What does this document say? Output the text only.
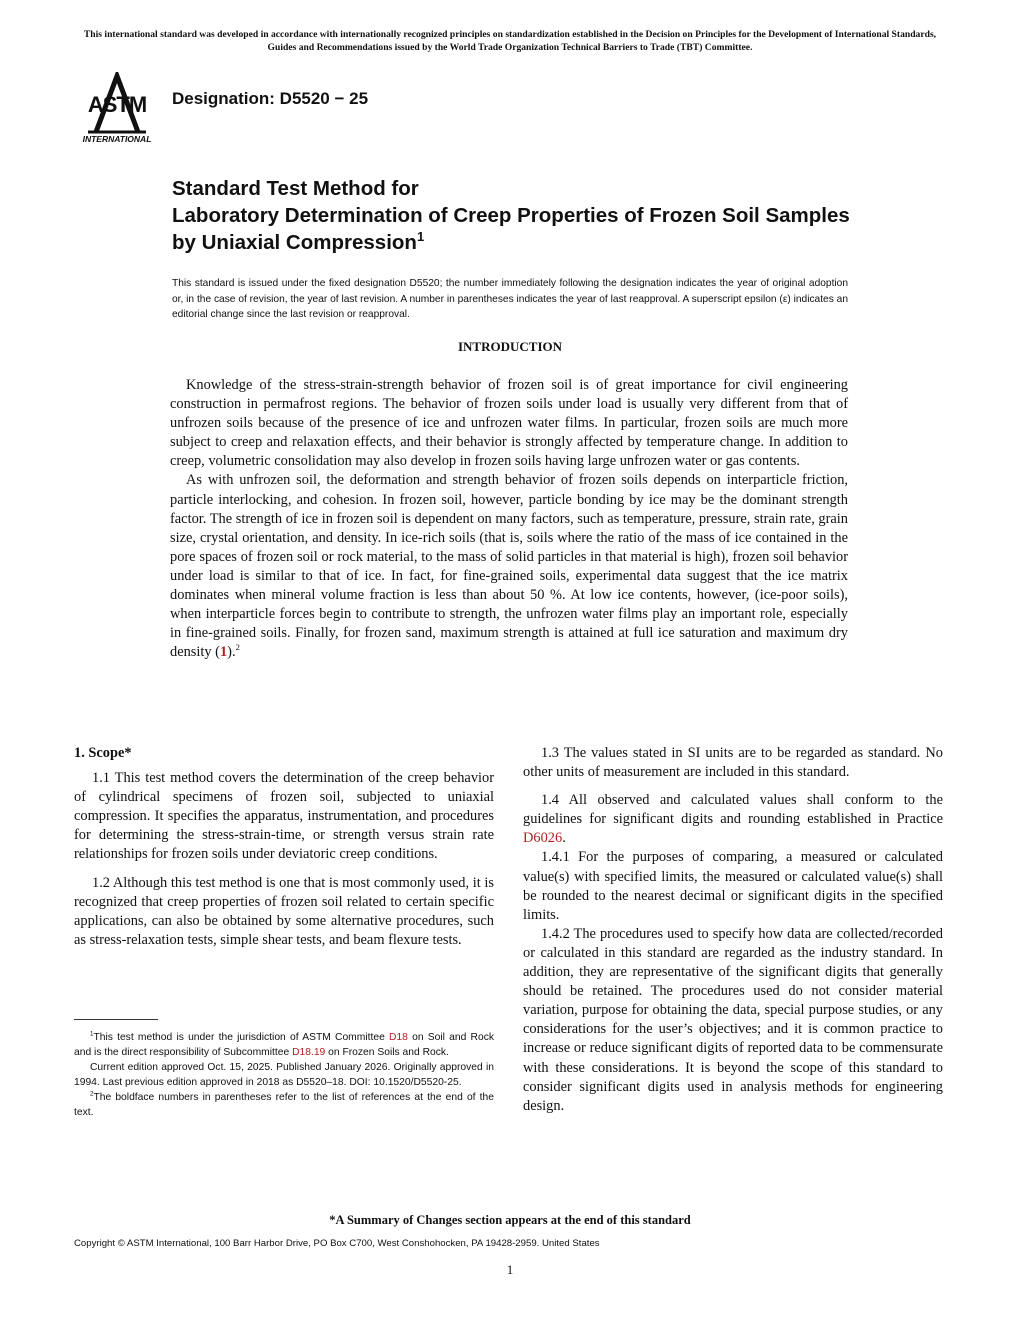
This international standard was developed in accordance with internationally recognized principles on standardization established in the Decision on Principles for the Development of International Standards, Guides and Recommendations issued by the World Trade Organization Technical Barriers to Trade (TBT) Committee.
ASTM
INTERNATIONAL
Designation: D5520 − 25
Standard Test Method for
Laboratory Determination of Creep Properties of Frozen Soil Samples by Uniaxial Compression$^1$
This standard is issued under the fixed designation D5520; the number immediately following the designation indicates the year of original adoption or, in the case of revision, the year of last revision. A number in parentheses indicates the year of last reapproval. A superscript epsilon (ε) indicates an editorial change since the last revision or reapproval.
INTRODUCTION

Knowledge of the stress-strain-strength behavior of frozen soil is of great importance for civil engineering construction in permafrost regions. The behavior of frozen soils under load is usually very different from that of unfrozen soils because of the presence of ice and unfrozen water films. In particular, frozen soils are much more subject to creep and relaxation effects, and their behavior is strongly affected by temperature change. In addition to creep, volumetric consolidation may also develop in frozen soils having large unfrozen water or gas contents.

As with unfrozen soil, the deformation and strength behavior of frozen soils depends on interparticle friction, particle interlocking, and cohesion. In frozen soil, however, particle bonding by ice may be the dominant strength factor. The strength of ice in frozen soil is dependent on many factors, such as temperature, pressure, strain rate, grain size, crystal orientation, and density. In ice-rich soils (that is, soils where the ratio of the mass of ice contained in the pore spaces of frozen soil or rock material, to the mass of solid particles in that material is high), frozen soil behavior under load is similar to that of ice. In fact, for fine-grained soils, experimental data suggest that the ice matrix dominates when mineral volume fraction is less than about 50 %. At low ice contents, however, (ice-poor soils), when interparticle forces begin to contribute to strength, the unfrozen water films play an important role, especially in fine-grained soils. Finally, for frozen sand, maximum strength is attained at full ice saturation and maximum dry density (1).$^2$

1. Scope*

1.1 This test method covers the determination of the creep behavior of cylindrical specimens of frozen soil, subjected to uniaxial compression. It specifies the apparatus, instrumentation, and procedures for determining the stress-strain-time, or strength versus strain rate relationships for frozen soils under deviatoric creep conditions.

1.2 Although this test method is one that is most commonly used, it is recognized that creep properties of frozen soil related to certain specific applications, can also be obtained by some alternative procedures, such as stress-relaxation tests, simple shear tests, and beam flexure tests.

1.3 The values stated in SI units are to be regarded as standard. No other units of measurement are included in this standard.

1.4 All observed and calculated values shall conform to the guidelines for significant digits and rounding established in Practice D6026.

1.4.1 For the purposes of comparing, a measured or calculated value(s) with specified limits, the measured or calculated value(s) shall be rounded to the nearest decimal or significant digits in the specified limits.

1.4.2 The procedures used to specify how data are collected/recorded or calculated in this standard are regarded as the industry standard. In addition, they are representative of the significant digits that generally should be retained. The procedures used do not consider material variation, purpose for obtaining the data, special purpose studies, or any considerations for the user’s objectives; and it is common practice to increase or reduce significant digits of reported data to be commensurate with these considerations. It is beyond the scope of this standard to consider significant digits used in analysis methods for engineering design.

$^1$This test method is under the jurisdiction of ASTM Committee D18 on Soil and Rock and is the direct responsibility of Subcommittee D18.19 on Frozen Soils and Rock.

Current edition approved Oct. 15, 2025. Published January 2026. Originally approved in 1994. Last previous edition approved in 2018 as D5520–18. DOI: 10.1520/D5520-25.

$^2$The boldface numbers in parentheses refer to the list of references at the end of the text.

*A Summary of Changes section appears at the end of this standard
Copyright © ASTM International, 100 Barr Harbor Drive, PO Box C700, West Conshohocken, PA 19428-2959. United States
1
